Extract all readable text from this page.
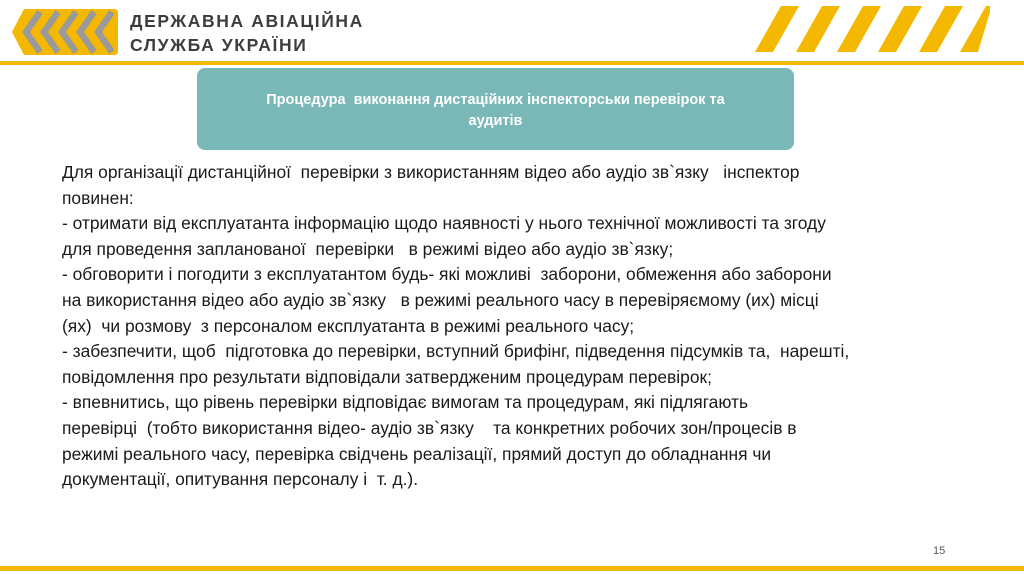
ДЕРЖАВНА АВІАЦІЙНА
СЛУЖБА УКРАЇНИ
Процедура  виконання дистаційних інспекторськи перевірок та
аудитів
Для організації дистанційної  перевірки з використанням відео або аудіо зв`язку   інспектор
повинен:
- отримати від експлуатанта інформацію щодо наявності у нього технічної можливості та згоду
для проведення запланованої  перевірки   в режимі відео або аудіо зв`язку;
- обговорити і погодити з експлуатантом будь- які можливі  заборони, обмеження або заборони
на використання відео або аудіо зв`язку   в режимі реального часу в перевіряємому (их) місці
(ях)  чи розмову  з персоналом експлуатанта в режимі реального часу;
- забезпечити, щоб  підготовка до перевірки, вступний брифінг, підведення підсумків та,  нарешті,
повідомлення про результати відповідали затвердженим процедурам перевірок;
- впевнитись, що рівень перевірки відповідає вимогам та процедурам, які підлягають
перевірці  (тобто використання відео- аудіо зв`язку    та конкретних робочих зон/процесів в
режимі реального часу, перевірка свідчень реалізації, прямий доступ до обладнання чи
документації, опитування персоналу і  т. д.).
15
